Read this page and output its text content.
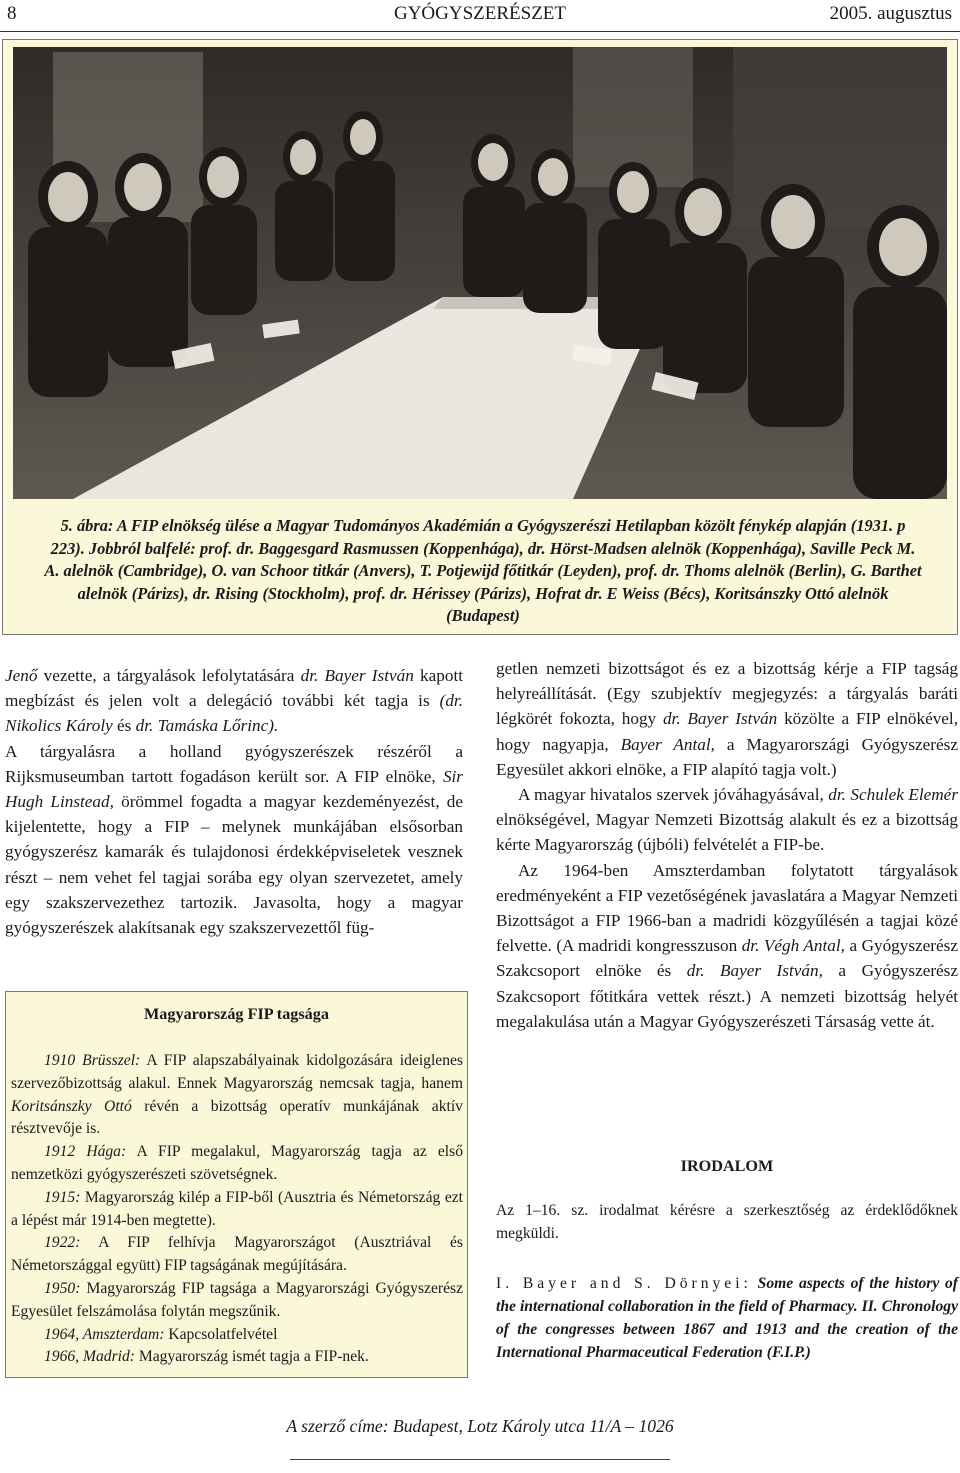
8	GYÓGYSZERÉSZET	2005. augusztus
5. ábra: A FIP elnökség ülése a Magyar Tudományos Akadémián a Gyógyszerészi Hetilapban közölt fénykép alapján (1931. p 223). Jobbról balfelé: prof. dr. Baggesgard Rasmussen (Koppenhága), dr. Hörst-Madsen alelnök (Koppenhága), Saville Peck M. A. alelnök (Cambridge), O. van Schoor titkár (Anvers), T. Potjewijd főtitkár (Leyden), prof. dr. Thoms alelnök (Berlin), G. Barthet alelnök (Párizs), dr. Rising (Stockholm), prof. dr. Hérissey (Párizs), Hofrat dr. E Weiss (Bécs), Koritsánszky Ottó alelnök (Budapest)

Jenő vezette, a tárgyalások lefolytatására dr. Bayer István kapott megbízást és jelen volt a delegáció további két tagja is (dr. Nikolics Károly és dr. Tamáska Lőrinc).

A tárgyalásra a holland gyógyszerészek részéről a Rijksmuseumban tartott fogadáson került sor. A FIP elnöke, Sir Hugh Linstead, örömmel fogadta a magyar kezdeményezést, de kijelentette, hogy a FIP – melynek munkájában elsősorban gyógyszerész kamarák és tulajdonosi érdekképviseletek vesznek részt – nem vehet fel tagjai sorába egy olyan szervezetet, amely egy szakszervezethez tartozik. Javasolta, hogy a magyar gyógyszerészek alakítsanak egy szakszervezettől füg-

Magyarország FIP tagsága

1910 Brüsszel: A FIP alapszabályainak kidolgozására ideiglenes szervezőbizottság alakul. Ennek Magyarország nemcsak tagja, hanem Koritsánszky Ottó révén a bizottság operatív munkájának aktív résztvevője is.

1912 Hága: A FIP megalakul, Magyarország tagja az első nemzetközi gyógyszerészeti szövetségnek.

1915: Magyarország kilép a FIP-ből (Ausztria és Németország ezt a lépést már 1914-ben megtette).

1922: A FIP felhívja Magyarországot (Ausztriával és Németországgal együtt) FIP tagságának megújítására.

1950: Magyarország FIP tagsága a Magyarországi Gyógyszerész Egyesület felszámolása folytán megszűnik.

1964, Amszterdam: Kapcsolatfelvétel

1966, Madrid: Magyarország ismét tagja a FIP-nek.

getlen nemzeti bizottságot és ez a bizottság kérje a FIP tagság helyreállítását. (Egy szubjektív megjegyzés: a tárgyalás baráti légkörét fokozta, hogy dr. Bayer István közölte a FIP elnökével, hogy nagyapja, Bayer Antal, a Magyarországi Gyógyszerész Egyesület akkori elnöke, a FIP alapító tagja volt.)

A magyar hivatalos szervek jóváhagyásával, dr. Schulek Elemér elnökségével, Magyar Nemzeti Bizottság alakult és ez a bizottság kérte Magyarország (újbóli) felvételét a FIP-be.

Az 1964-ben Amszterdamban folytatott tárgyalások eredményeként a FIP vezetőségének javaslatára a Magyar Nemzeti Bizottságot a FIP 1966-ban a madridi közgyűlésén a tagjai közé felvette. (A madridi kongresszuson dr. Végh Antal, a Gyógyszerész Szakcsoport elnöke és dr. Bayer István, a Gyógyszerész Szakcsoport főtitkára vettek részt.) A nemzeti bizottság helyét megalakulása után a Magyar Gyógyszerészeti Társaság vette át.

IRODALOM
Az 1–16. sz. irodalmat kérésre a szerkesztőség az érdeklődőknek megküldi.
I. Bayer and S. Dörnyei: Some aspects of the history of the international collaboration in the field of Pharmacy. II. Chronology of the congresses between 1867 and 1913 and the creation of the International Pharmaceutical Federation (F.I.P.)
A szerző címe: Budapest, Lotz Károly utca 11/A – 1026
